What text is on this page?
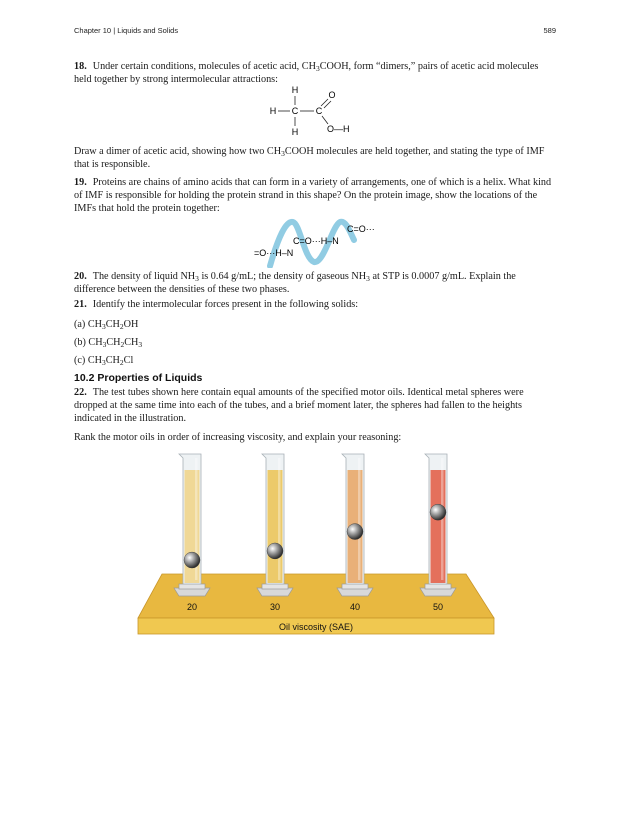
Chapter 10 | Liquids and Solids	589
18. Under certain conditions, molecules of acetic acid, $CH_3COOH$, form “dimers,” pairs of acetic acid molecules held together by strong intermolecular attractions:
H
H C C
H
O
O—H
Draw a dimer of acetic acid, showing how two $CH_3COOH$ molecules are held together, and stating the type of IMF that is responsible.
19. Proteins are chains of amino acids that can form in a variety of arrangements, one of which is a helix. What kind of IMF is responsible for holding the protein strand in this shape? On the protein image, show the locations of the IMFs that hold the protein together:
C=O···
C=O···H–N
=O···H–N
20. The density of liquid $NH_3$ is 0.64 g/mL; the density of gaseous $NH_3$ at STP is 0.0007 g/mL. Explain the difference between the densities of these two phases.
21. Identify the intermolecular forces present in the following solids:
(a) $CH_3CH_2OH$
(b) $CH_3CH_2CH_3$
(c) $CH_3CH_2Cl$
10.2 Properties of Liquids
22. The test tubes shown here contain equal amounts of the specified motor oils. Identical metal spheres were dropped at the same time into each of the tubes, and a brief moment later, the spheres had fallen to the heights indicated in the illustration.
Rank the motor oils in order of increasing viscosity, and explain your reasoning:
Oil viscosity (SAE)
20	30	40	50
